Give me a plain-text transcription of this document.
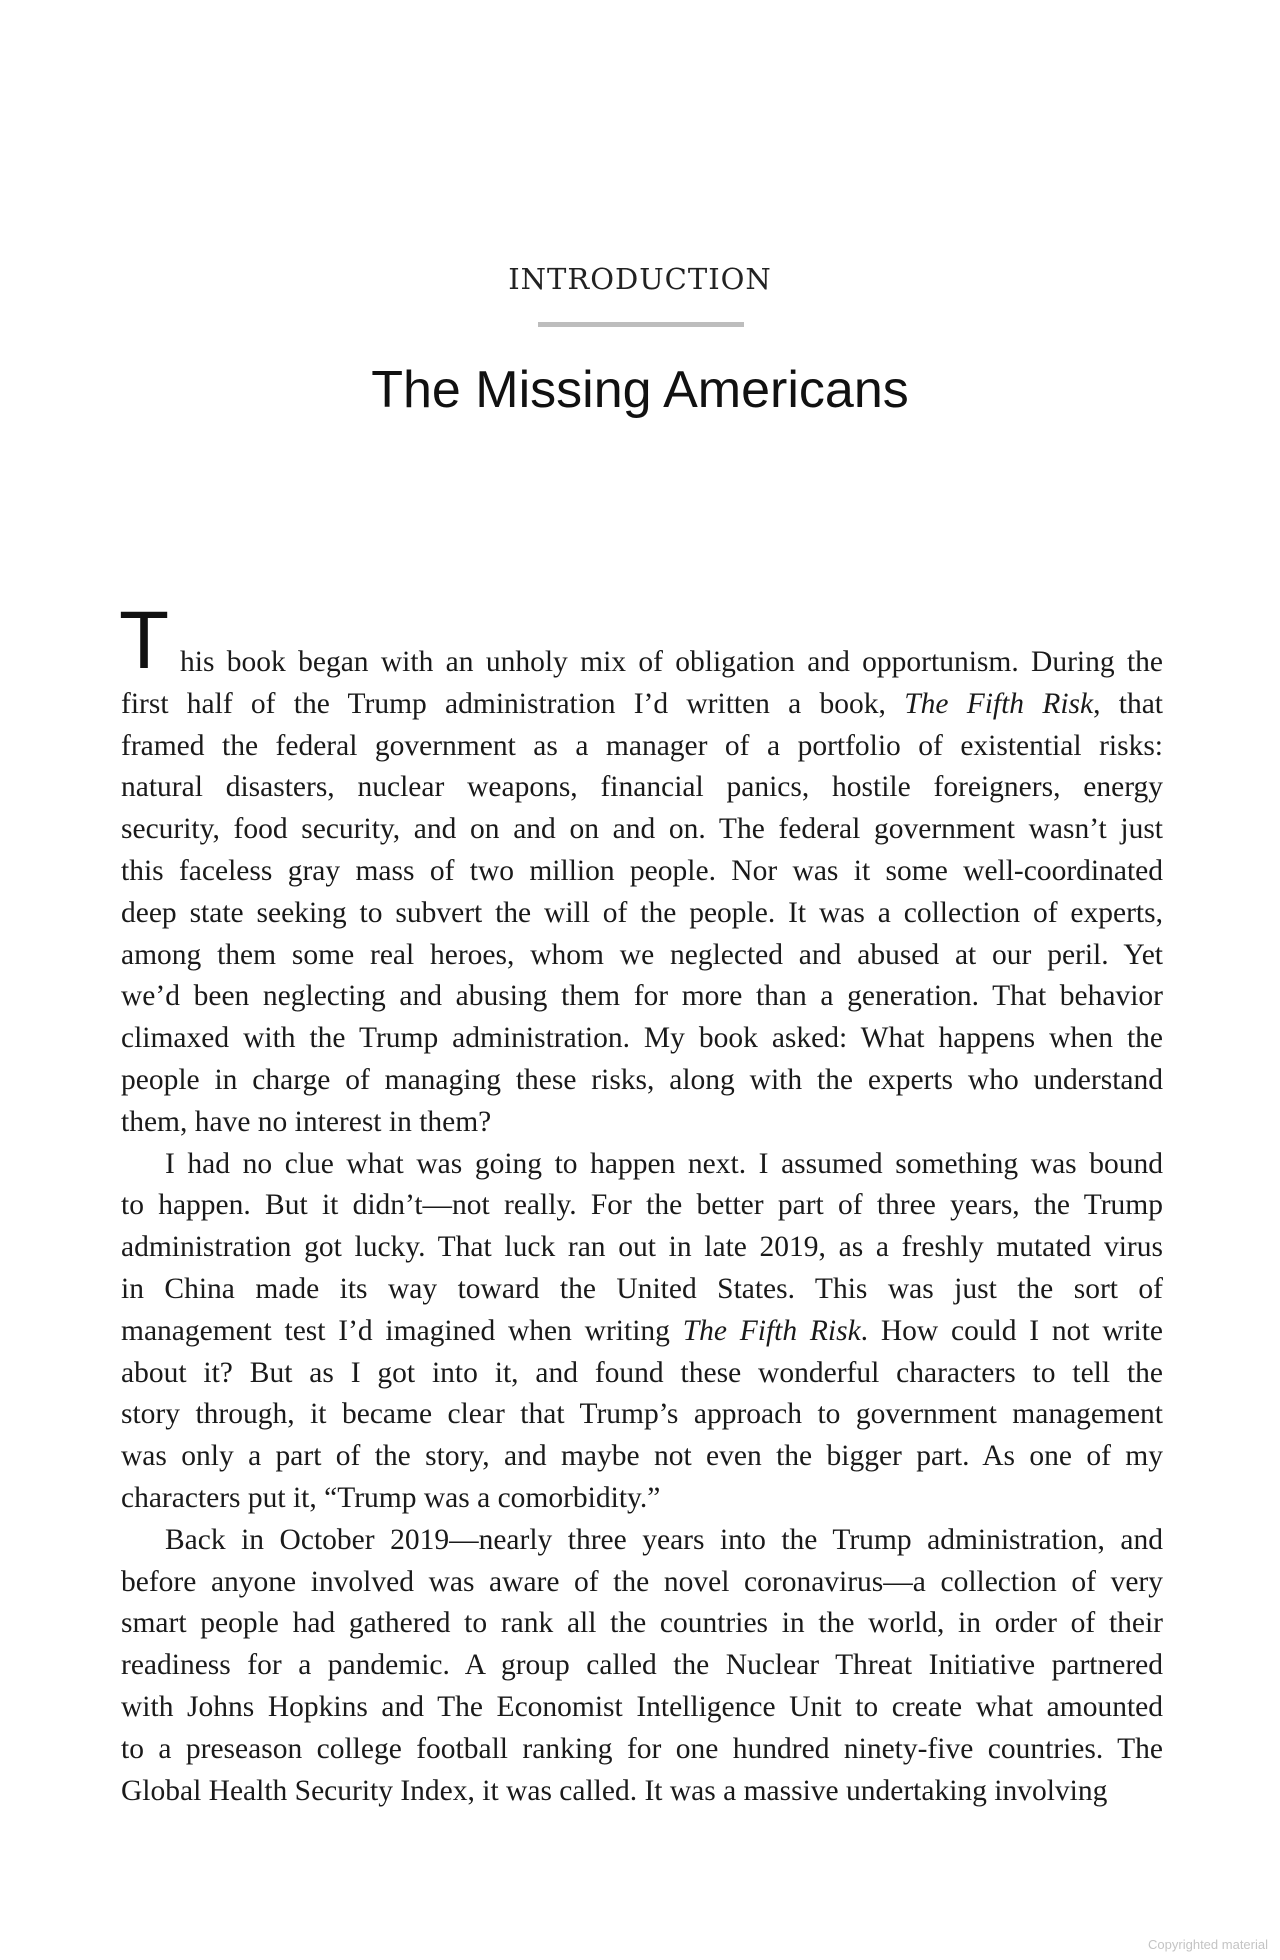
INTRODUCTION
The Missing Americans
T his book began with an unholy mix of obligation and opportunism. During the
first half of the Trump administration I’d written a book, The Fifth Risk, that
framed the federal government as a manager of a portfolio of existential risks:
natural disasters, nuclear weapons, financial panics, hostile foreigners, energy
security, food security, and on and on and on. The federal government wasn’t just
this faceless gray mass of two million people. Nor was it some well-coordinated
deep state seeking to subvert the will of the people. It was a collection of experts,
among them some real heroes, whom we neglected and abused at our peril. Yet
we’d been neglecting and abusing them for more than a generation. That behavior
climaxed with the Trump administration. My book asked: What happens when the
people in charge of managing these risks, along with the experts who understand
them, have no interest in them?
I had no clue what was going to happen next. I assumed something was bound
to happen. But it didn’t—not really. For the better part of three years, the Trump
administration got lucky. That luck ran out in late 2019, as a freshly mutated virus
in China made its way toward the United States. This was just the sort of
management test I’d imagined when writing The Fifth Risk. How could I not write
about it? But as I got into it, and found these wonderful characters to tell the
story through, it became clear that Trump’s approach to government management
was only a part of the story, and maybe not even the bigger part. As one of my
characters put it, “Trump was a comorbidity.”
Back in October 2019—nearly three years into the Trump administration, and
before anyone involved was aware of the novel coronavirus—a collection of very
smart people had gathered to rank all the countries in the world, in order of their
readiness for a pandemic. A group called the Nuclear Threat Initiative partnered
with Johns Hopkins and The Economist Intelligence Unit to create what amounted
to a preseason college football ranking for one hundred ninety-five countries. The
Global Health Security Index, it was called. It was a massive undertaking involving
Copyrighted material
